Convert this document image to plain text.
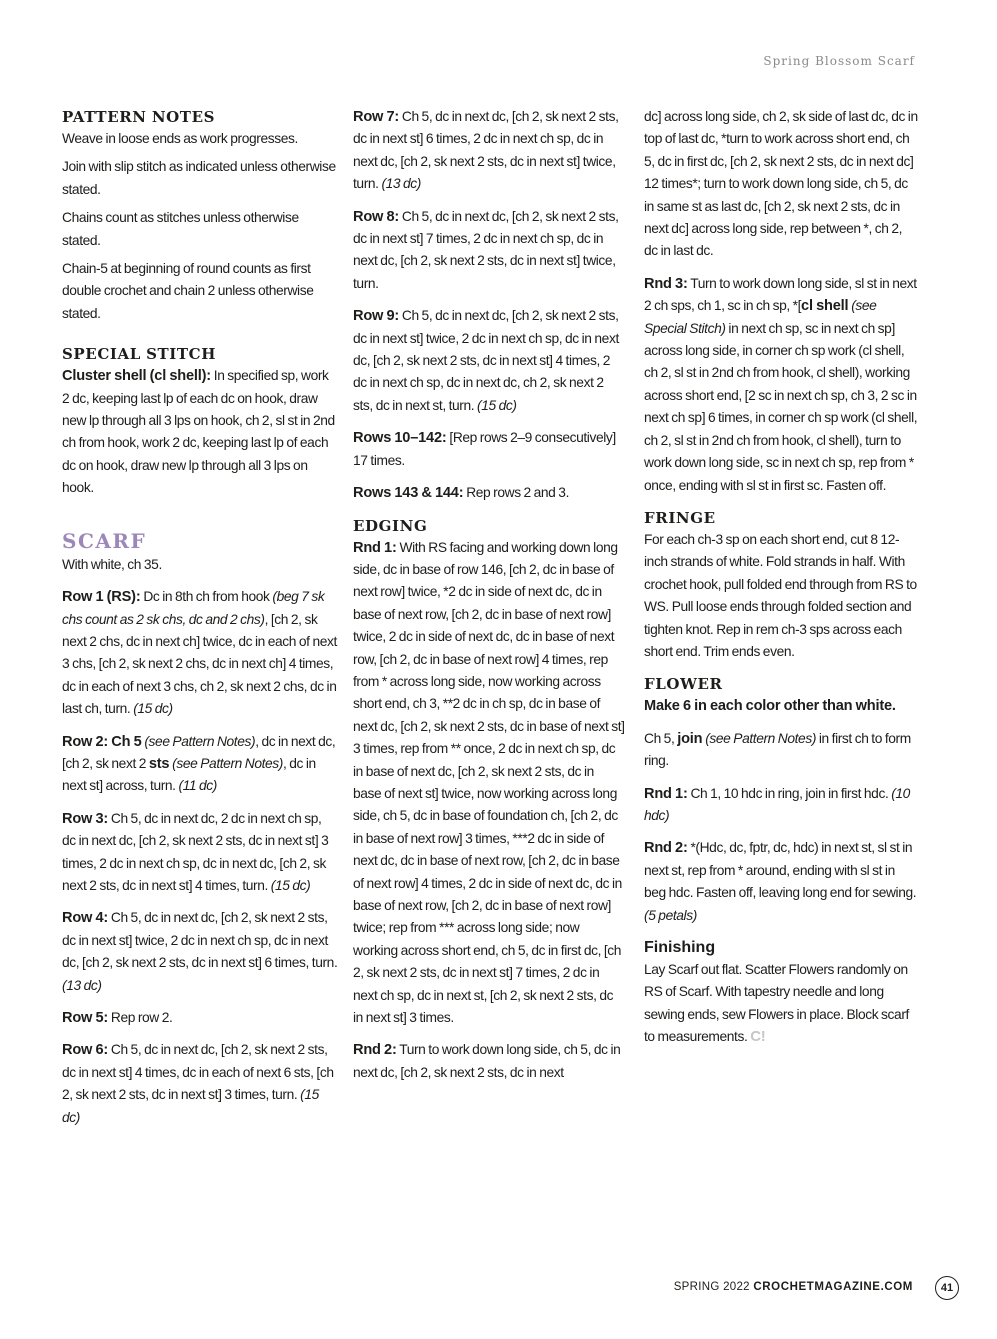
Spring Blossom Scarf
PATTERN NOTES

Weave in loose ends as work progresses.

Join with slip stitch as indicated unless otherwise stated.

Chains count as stitches unless otherwise stated.

Chain-5 at beginning of round counts as first double crochet and chain 2 unless otherwise stated.

SPECIAL STITCH

Cluster shell (cl shell): In specified sp, work 2 dc, keeping last lp of each dc on hook, draw new lp through all 3 lps on hook, ch 2, sl st in 2nd ch from hook, work 2 dc, keeping last lp of each dc on hook, draw new lp through all 3 lps on hook.

SCARF

With white, ch 35.

Row 1 (RS): Dc in 8th ch from hook (beg 7 sk chs count as 2 sk chs, dc and 2 chs), [ch 2, sk next 2 chs, dc in next ch] twice, dc in each of next 3 chs, [ch 2, sk next 2 chs, dc in next ch] 4 times, dc in each of next 3 chs, ch 2, sk next 2 chs, dc in last ch, turn. (15 dc)

Row 2: Ch 5 (see Pattern Notes), dc in next dc, [ch 2, sk next 2 sts (see Pattern Notes), dc in next st] across, turn. (11 dc)

Row 3: Ch 5, dc in next dc, 2 dc in next ch sp, dc in next dc, [ch 2, sk next 2 sts, dc in next st] 3 times, 2 dc in next ch sp, dc in next dc, [ch 2, sk next 2 sts, dc in next st] 4 times, turn. (15 dc)

Row 4: Ch 5, dc in next dc, [ch 2, sk next 2 sts, dc in next st] twice, 2 dc in next ch sp, dc in next dc, [ch 2, sk next 2 sts, dc in next st] 6 times, turn. (13 dc)

Row 5: Rep row 2.

Row 6: Ch 5, dc in next dc, [ch 2, sk next 2 sts, dc in next st] 4 times, dc in each of next 6 sts, [ch 2, sk next 2 sts, dc in next st] 3 times, turn. (15 dc)

Row 7: Ch 5, dc in next dc, [ch 2, sk next 2 sts, dc in next st] 6 times, 2 dc in next ch sp, dc in next dc, [ch 2, sk next 2 sts, dc in next st] twice, turn. (13 dc)

Row 8: Ch 5, dc in next dc, [ch 2, sk next 2 sts, dc in next st] 7 times, 2 dc in next ch sp, dc in next dc, [ch 2, sk next 2 sts, dc in next st] twice, turn.

Row 9: Ch 5, dc in next dc, [ch 2, sk next 2 sts, dc in next st] twice, 2 dc in next ch sp, dc in next dc, [ch 2, sk next 2 sts, dc in next st] 4 times, 2 dc in next ch sp, dc in next dc, ch 2, sk next 2 sts, dc in next st, turn. (15 dc)

Rows 10–142: [Rep rows 2–9 consecutively] 17 times.

Rows 143 & 144: Rep rows 2 and 3.

EDGING

Rnd 1: With RS facing and working down long side, dc in base of row 146, [ch 2, dc in base of next row] twice, *2 dc in side of next dc, dc in base of next row, [ch 2, dc in base of next row] twice, 2 dc in side of next dc, dc in base of next row, [ch 2, dc in base of next row] 4 times, rep from * across long side, now working across short end, ch 3, **2 dc in ch sp, dc in base of next dc, [ch 2, sk next 2 sts, dc in base of next st] 3 times, rep from ** once, 2 dc in next ch sp, dc in base of next dc, [ch 2, sk next 2 sts, dc in base of next st] twice, now working across long side, ch 5, dc in base of foundation ch, [ch 2, dc in base of next row] 3 times, ***2 dc in side of next dc, dc in base of next row, [ch 2, dc in base of next row] 4 times, 2 dc in side of next dc, dc in base of next row, [ch 2, dc in base of next row] twice; rep from *** across long side; now working across short end, ch 5, dc in first dc, [ch 2, sk next 2 sts, dc in next st] 7 times, 2 dc in next ch sp, dc in next st, [ch 2, sk next 2 sts, dc in next st] 3 times.

Rnd 2: Turn to work down long side, ch 5, dc in next dc, [ch 2, sk next 2 sts, dc in next

dc] across long side, ch 2, sk side of last dc, dc in top of last dc, *turn to work across short end, ch 5, dc in first dc, [ch 2, sk next 2 sts, dc in next dc] 12 times*; turn to work down long side, ch 5, dc in same st as last dc, [ch 2, sk next 2 sts, dc in next dc] across long side, rep between *, ch 2, dc in last dc.

Rnd 3: Turn to work down long side, sl st in next 2 ch sps, ch 1, sc in ch sp, *[cl shell (see Special Stitch) in next ch sp, sc in next ch sp] across long side, in corner ch sp work (cl shell, ch 2, sl st in 2nd ch from hook, cl shell), working across short end, [2 sc in next ch sp, ch 3, 2 sc in next ch sp] 6 times, in corner ch sp work (cl shell, ch 2, sl st in 2nd ch from hook, cl shell), turn to work down long side, sc in next ch sp, rep from * once, ending with sl st in first sc. Fasten off.

FRINGE

For each ch-3 sp on each short end, cut 8 12-inch strands of white. Fold strands in half. With crochet hook, pull folded end through from RS to WS. Pull loose ends through folded section and tighten knot. Rep in rem ch-3 sps across each short end. Trim ends even.

FLOWER

Make 6 in each color other than white.

Ch 5, join (see Pattern Notes) in first ch to form ring.

Rnd 1: Ch 1, 10 hdc in ring, join in first hdc. (10 hdc)

Rnd 2: *(Hdc, dc, fptr, dc, hdc) in next st, sl st in next st, rep from * around, ending with sl st in beg hdc. Fasten off, leaving long end for sewing. (5 petals)

Finishing

Lay Scarf out flat. Scatter Flowers randomly on RS of Scarf. With tapestry needle and long sewing ends, sew Flowers in place. Block scarf to measurements. C!

SPRING 2022 CROCHETMAGAZINE.COM	41
